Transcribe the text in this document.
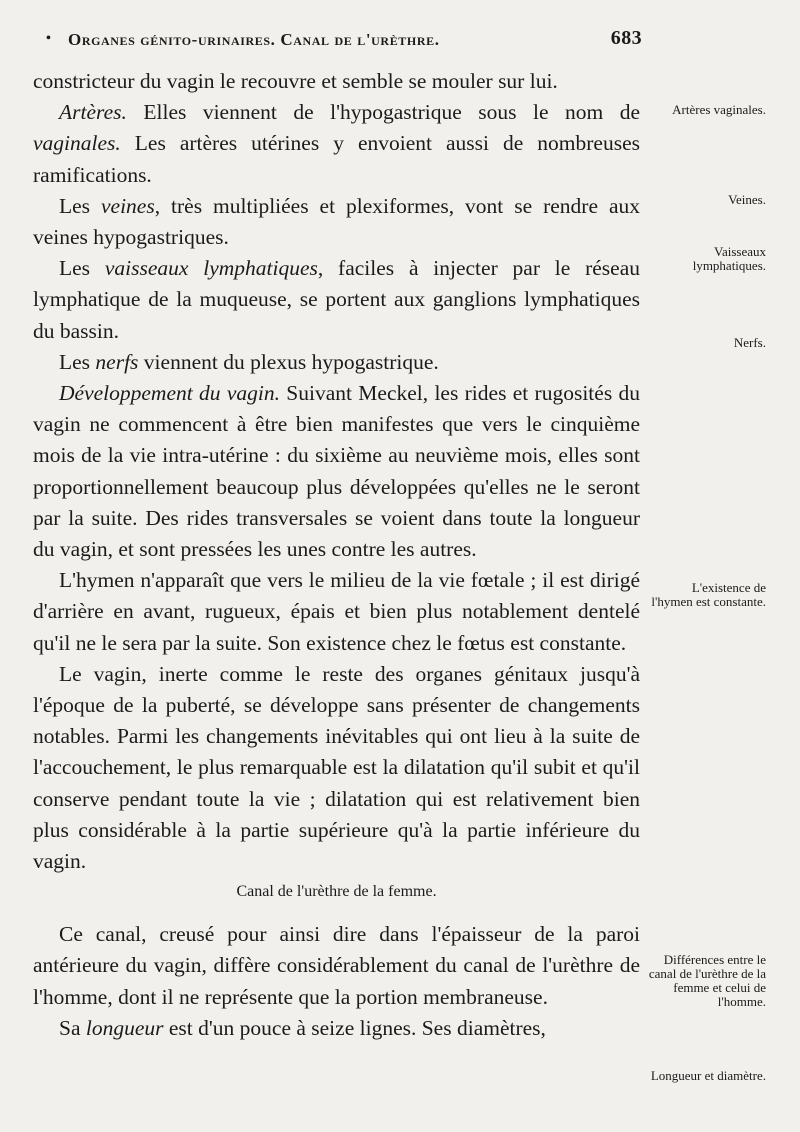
• Organes génito-urinaires. Canal de l'urèthre.	683

constricteur du vagin le recouvre et semble se mouler sur lui.

Artères. Elles viennent de l'hypogastrique sous le nom de vaginales. Les artères utérines y envoient aussi de nombreuses ramifications.

Les veines, très multipliées et plexiformes, vont se rendre aux veines hypogastriques.

Les vaisseaux lymphatiques, faciles à injecter par le réseau lymphatique de la muqueuse, se portent aux ganglions lymphatiques du bassin.

Les nerfs viennent du plexus hypogastrique.

Développement du vagin. Suivant Meckel, les rides et rugosités du vagin ne commencent à être bien manifestes que vers le cinquième mois de la vie intra-utérine : du sixième au neuvième mois, elles sont proportionnellement beaucoup plus développées qu'elles ne le seront par la suite. Des rides transversales se voient dans toute la longueur du vagin, et sont pressées les unes contre les autres.

L'hymen n'apparaît que vers le milieu de la vie fœtale ; il est dirigé d'arrière en avant, rugueux, épais et bien plus notablement dentelé qu'il ne le sera par la suite. Son existence chez le fœtus est constante.

Le vagin, inerte comme le reste des organes génitaux jusqu'à l'époque de la puberté, se développe sans présenter de changements notables. Parmi les changements inévitables qui ont lieu à la suite de l'accouchement, le plus remarquable est la dilatation qu'il subit et qu'il conserve pendant toute la vie ; dilatation qui est relativement bien plus considérable à la partie supérieure qu'à la partie inférieure du vagin.

Canal de l'urèthre de la femme.

Ce canal, creusé pour ainsi dire dans l'épaisseur de la paroi antérieure du vagin, diffère considérablement du canal de l'urèthre de l'homme, dont il ne représente que la portion membraneuse.

Sa longueur est d'un pouce à seize lignes. Ses diamètres,

Artères vaginales.
Veines.
Vaisseaux lymphatiques.
Nerfs.
L'existence de l'hymen est constante.
Différences entre le canal de l'urèthre de la femme et celui de l'homme.
Longueur et diamètre.
